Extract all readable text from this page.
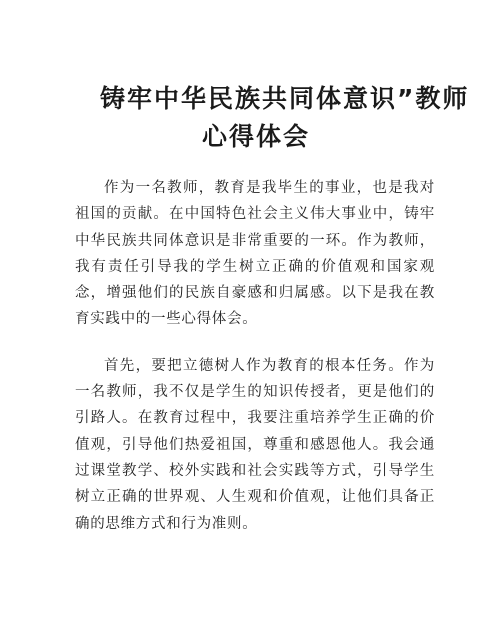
铸牢中华民族共同体意识”教师
心得体会

作为一名教师，教育是我毕生的事业，也是我对祖国的贡献。在中国特色社会主义伟大事业中，铸牢中华民族共同体意识是非常重要的一环。作为教师，我有责任引导我的学生树立正确的价值观和国家观念，增强他们的民族自豪感和归属感。以下是我在教育实践中的一些心得体会。

首先，要把立德树人作为教育的根本任务。作为一名教师，我不仅是学生的知识传授者，更是他们的引路人。在教育过程中，我要注重培养学生正确的价值观，引导他们热爱祖国，尊重和感恩他人。我会通过课堂教学、校外实践和社会实践等方式，引导学生树立正确的世界观、人生观和价值观，让他们具备正确的思维方式和行为准则。
